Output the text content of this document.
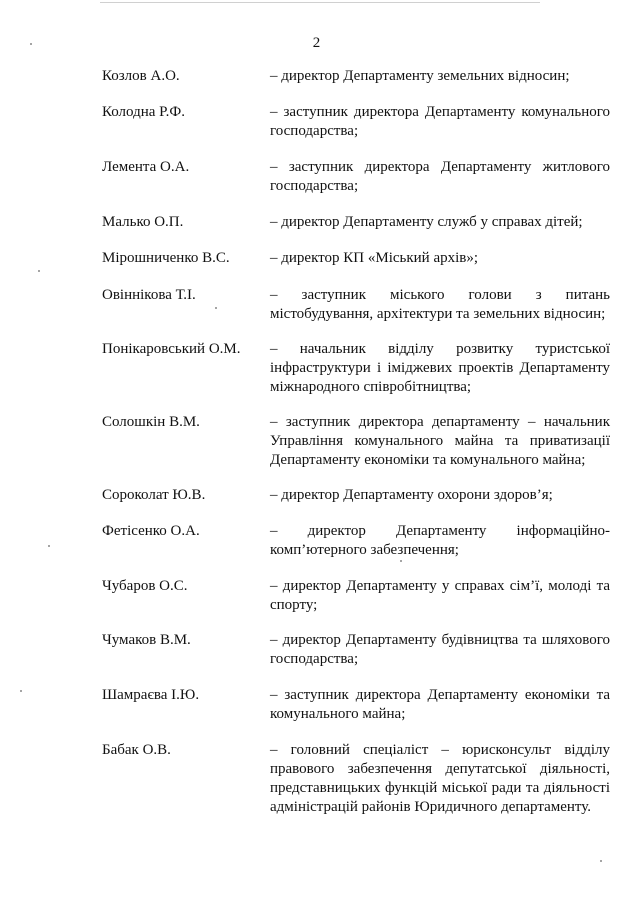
2
Козлов А.О.	– директор Департаменту земельних відносин;
Колодна Р.Ф.	– заступник директора Департаменту комунального господарства;
Лемента О.А.	– заступник директора Департаменту житлового господарства;
Малько О.П.	– директор Департаменту служб у справах дітей;
Мірошниченко В.С.	– директор КП «Міський архів»;
Овіннікова Т.І.	– заступник міського голови з питань містобудування, архітектури та земельних відносин;
Понікаровський О.М. – начальник відділу розвитку туристської інфраструктури і іміджевих проектів Департаменту міжнародного співробітництва;
Солошкін В.М.	– заступник директора департаменту – начальник Управління комунального майна та приватизації Департаменту економіки та комунального майна;
Сороколат Ю.В.	– директор Департаменту охорони здоров’я;
Фетісенко О.А.	– директор Департаменту інформаційно-комп’ютерного забезпечення;
Чубаров О.С.	– директор Департаменту у справах сім’ї, молоді та спорту;
Чумаков В.М.	– директор Департаменту будівництва та шляхового господарства;
Шамраєва І.Ю.	– заступник директора Департаменту економіки та комунального майна;
Бабак О.В.	– головний спеціаліст – юрисконсульт відділу правового забезпечення депутатської діяльності, представницьких функцій міської ради та діяльності адміністрацій районів Юридичного департаменту.
